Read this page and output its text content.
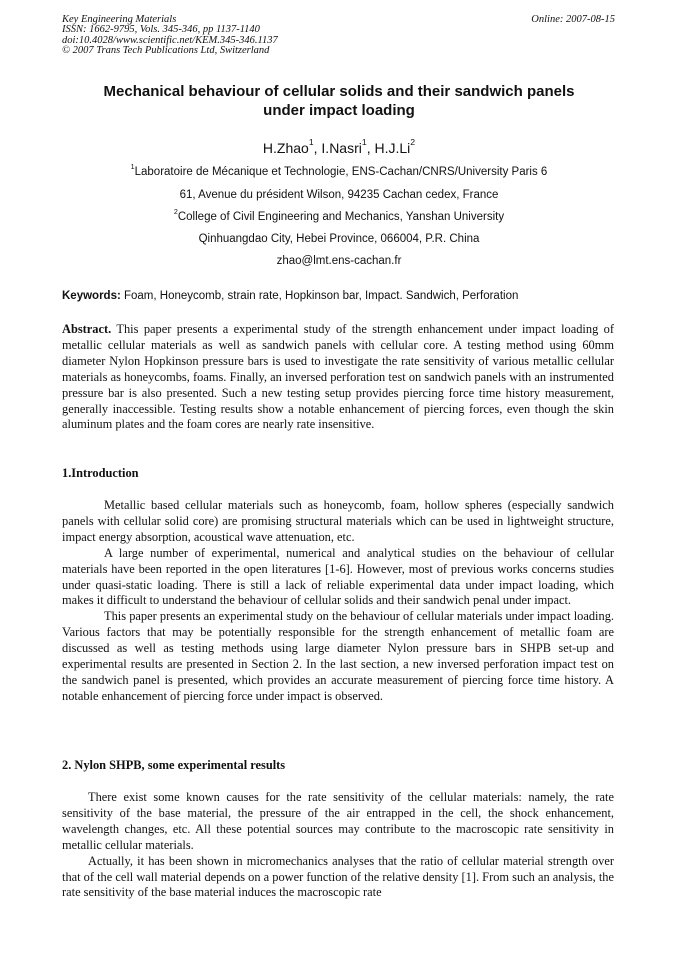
Key Engineering Materials
ISSN: 1662-9795, Vols. 345-346, pp 1137-1140
doi:10.4028/www.scientific.net/KEM.345-346.1137
© 2007 Trans Tech Publications Ltd, Switzerland
Online: 2007-08-15
Mechanical behaviour of cellular solids and their sandwich panels
under impact loading
H.Zhao$^1$, I.Nasri$^1$, H.J.Li$^2$
$^1$Laboratoire de Mécanique et Technologie, ENS-Cachan/CNRS/University Paris 6
61, Avenue du président Wilson, 94235 Cachan cedex, France
$^2$College of Civil Engineering and Mechanics, Yanshan University
Qinhuangdao City, Hebei Province, 066004, P.R. China
zhao@lmt.ens-cachan.fr
Keywords: Foam, Honeycomb, strain rate, Hopkinson bar, Impact. Sandwich, Perforation

Abstract. This paper presents a experimental study of the strength enhancement under impact loading of metallic cellular materials as well as sandwich panels with cellular core. A testing method using 60mm diameter Nylon Hopkinson pressure bars is used to investigate the rate sensitivity of various metallic cellular materials as honeycombs, foams. Finally, an inversed perforation test on sandwich panels with an instrumented pressure bar is also presented. Such a new testing setup provides piercing force time history measurement, generally inaccessible. Testing results show a notable enhancement of piercing forces, even though the skin aluminum plates and the foam cores are nearly rate insensitive.

1.Introduction

Metallic based cellular materials such as honeycomb, foam, hollow spheres (especially sandwich panels with cellular solid core) are promising structural materials which can be used in lightweight structure, impact energy absorption, acoustical wave attenuation, etc.

A large number of experimental, numerical and analytical studies on the behaviour of cellular materials have been reported in the open literatures [1-6]. However, most of previous works concerns studies under quasi-static loading. There is still a lack of reliable experimental data under impact loading, which makes it difficult to understand the behaviour of cellular solids and their sandwich penal under impact.

This paper presents an experimental study on the behaviour of cellular materials under impact loading. Various factors that may be potentially responsible for the strength enhancement of metallic foam are discussed as well as testing methods using large diameter Nylon pressure bars in SHPB set-up and experimental results are presented in Section 2. In the last section, a new inversed perforation impact test on the sandwich panel is presented, which provides an accurate measurement of piercing force time history. A notable enhancement of piercing force under impact is observed.

2. Nylon SHPB, some experimental results

There exist some known causes for the rate sensitivity of the cellular materials: namely, the rate sensitivity of the base material, the pressure of the air entrapped in the cell, the shock enhancement, wavelength changes, etc. All these potential sources may contribute to the macroscopic rate sensitivity in metallic cellular materials.

Actually, it has been shown in micromechanics analyses that the ratio of cellular material strength over that of the cell wall material depends on a power function of the relative density [1]. From such an analysis, the rate sensitivity of the base material induces the macroscopic rate
